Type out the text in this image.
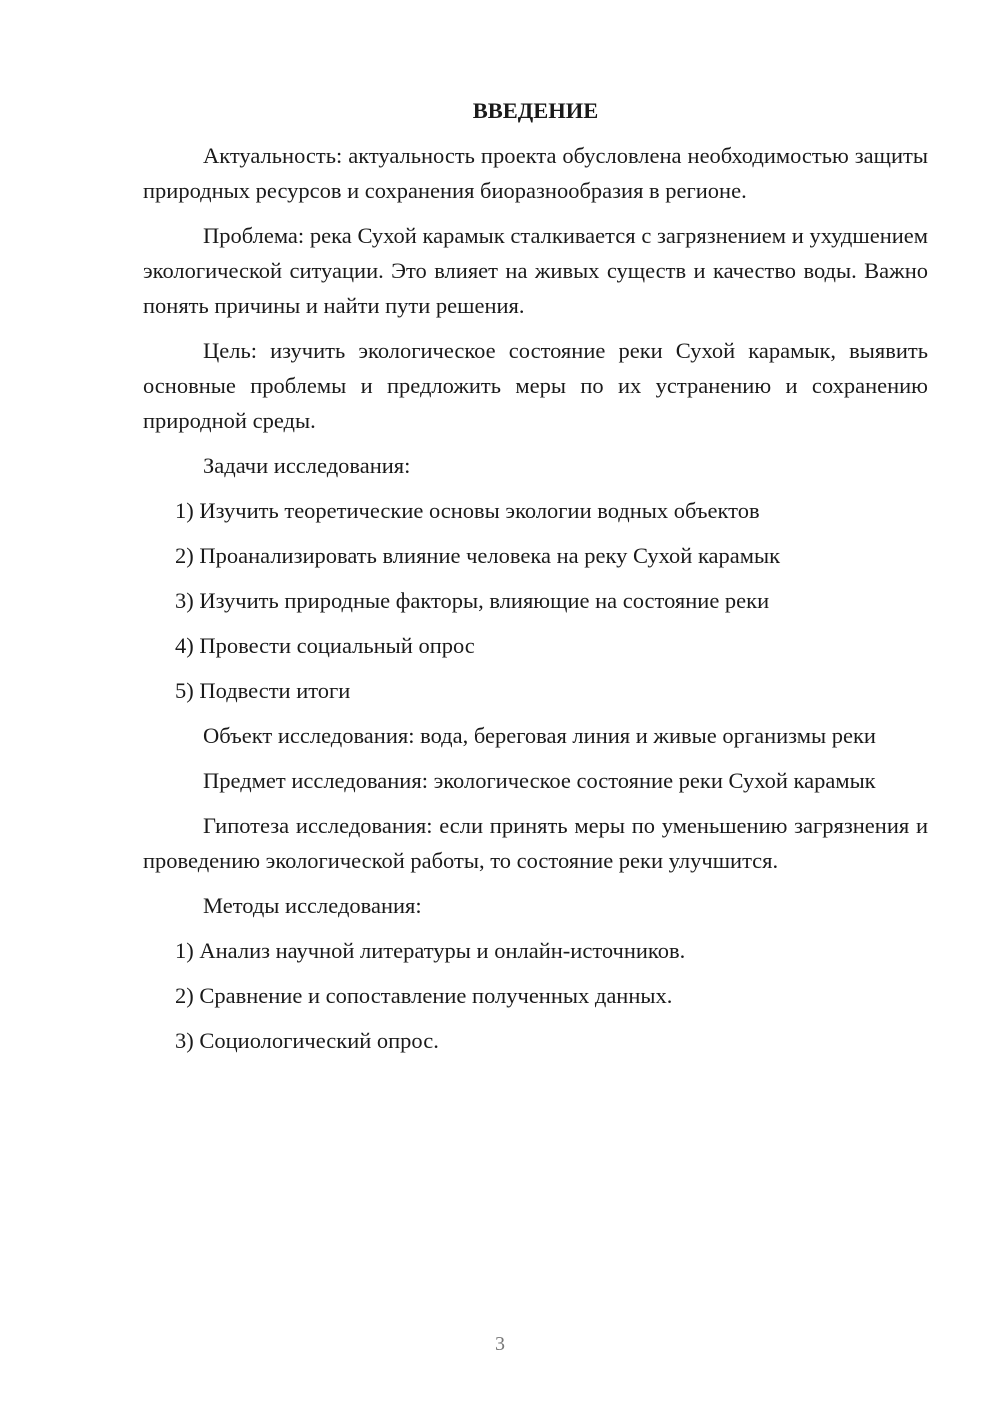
ВВЕДЕНИЕ

Актуальность: актуальность проекта обусловлена необходимостью защиты природных ресурсов и сохранения биоразнообразия в регионе.

Проблема: река Сухой карамык сталкивается с загрязнением и ухудшением экологической ситуации. Это влияет на живых существ и качество воды. Важно понять причины и найти пути решения.

Цель: изучить экологическое состояние реки Сухой карамык, выявить основные проблемы и предложить меры по их устранению и сохранению природной среды.

Задачи исследования:

1) Изучить теоретические основы экологии водных объектов

2) Проанализировать влияние человека на реку Сухой карамык

3) Изучить природные факторы, влияющие на состояние реки

4) Провести социальный опрос

5) Подвести итоги

Объект исследования: вода, береговая линия и живые организмы реки

Предмет исследования: экологическое состояние реки Сухой карамык

Гипотеза исследования: если принять меры по уменьшению загрязнения и проведению экологической работы, то состояние реки улучшится.

Методы исследования:

1) Анализ научной литературы и онлайн-источников.

2) Сравнение и сопоставление полученных данных.

3) Социологический опрос.

3
